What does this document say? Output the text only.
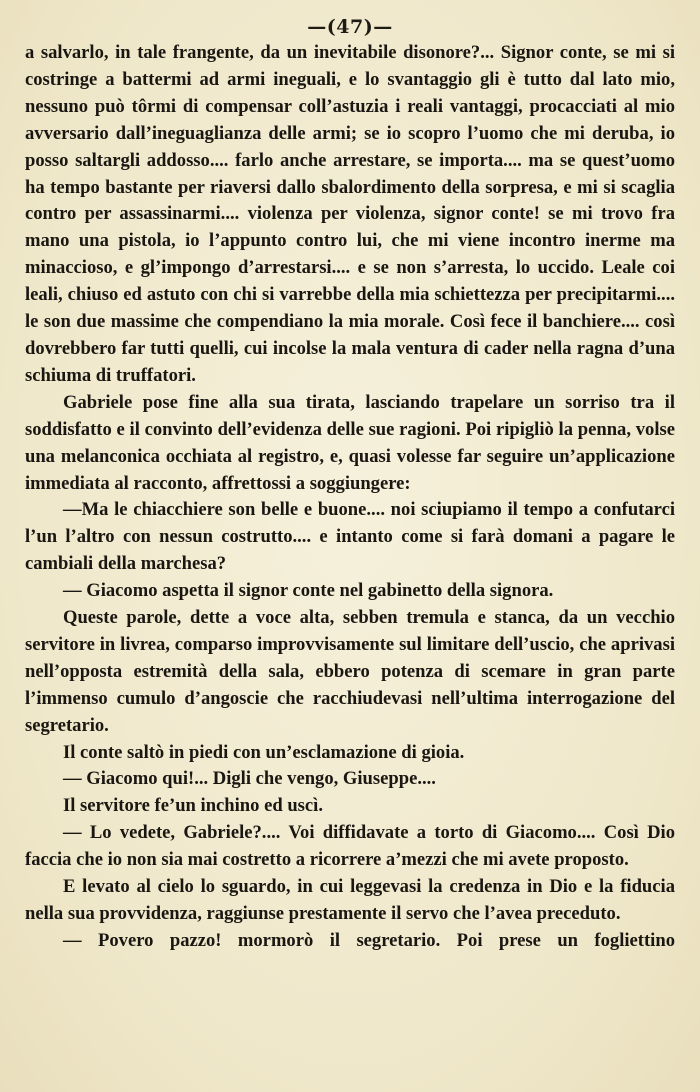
—(47)—

a salvarlo, in tale frangente, da un inevitabile disonore?... Signor conte, se mi si costringe a battermi ad armi ineguali, e lo svantaggio gli è tutto dal lato mio, nessuno può tôrmi di compensar coll’astuzia i reali vantaggi, procacciati al mio avversario dall’ineguaglianza delle armi; se io scopro l’uomo che mi deruba, io posso saltargli addosso.... farlo anche arrestare, se importa.... ma se quest’uomo ha tempo bastante per riaversi dallo sbalordimento della sorpresa, e mi si scaglia contro per assassinarmi.... violenza per violenza, signor conte! se mi trovo fra mano una pistola, io l’appunto contro lui, che mi viene incontro inerme ma minaccioso, e gl’impongo d’arrestarsi.... e se non s’arresta, lo uccido. Leale coi leali, chiuso ed astuto con chi si varrebbe della mia schiettezza per precipitarmi.... le son due massime che compendiano la mia morale. Così fece il banchiere.... così dovrebbero far tutti quelli, cui incolse la mala ventura di cader nella ragna d’una schiuma di truffatori.

Gabriele pose fine alla sua tirata, lasciando trapelare un sorriso tra il soddisfatto e il convinto dell’evidenza delle sue ragioni. Poi ripigliò la penna, volse una melanconica occhiata al registro, e, quasi volesse far seguire un’applicazione immediata al racconto, affrettossi a soggiungere:

—Ma le chiacchiere son belle e buone.... noi sciupiamo il tempo a confutarci l’un l’altro con nessun costrutto.... e intanto come si farà domani a pagare le cambiali della marchesa?

— Giacomo aspetta il signor conte nel gabinetto della signora.

Queste parole, dette a voce alta, sebben tremula e stanca, da un vecchio servitore in livrea, comparso improvvisamente sul limitare dell’uscio, che aprivasi nell’opposta estremità della sala, ebbero potenza di scemare in gran parte l’immenso cumulo d’angoscie che racchiudevasi nell’ultima interrogazione del segretario.

Il conte saltò in piedi con un’esclamazione di gioia.

— Giacomo qui!... Digli che vengo, Giuseppe....

Il servitore fe’un inchino ed uscì.

— Lo vedete, Gabriele?.... Voi diffidavate a torto di Giacomo.... Così Dio faccia che io non sia mai costretto a ricorrere a’mezzi che mi avete proposto.

E levato al cielo lo sguardo, in cui leggevasi la credenza in Dio e la fiducia nella sua provvidenza, raggiunse prestamente il servo che l’avea preceduto.

— Povero pazzo! mormorò il segretario. Poi prese un fogliettino
